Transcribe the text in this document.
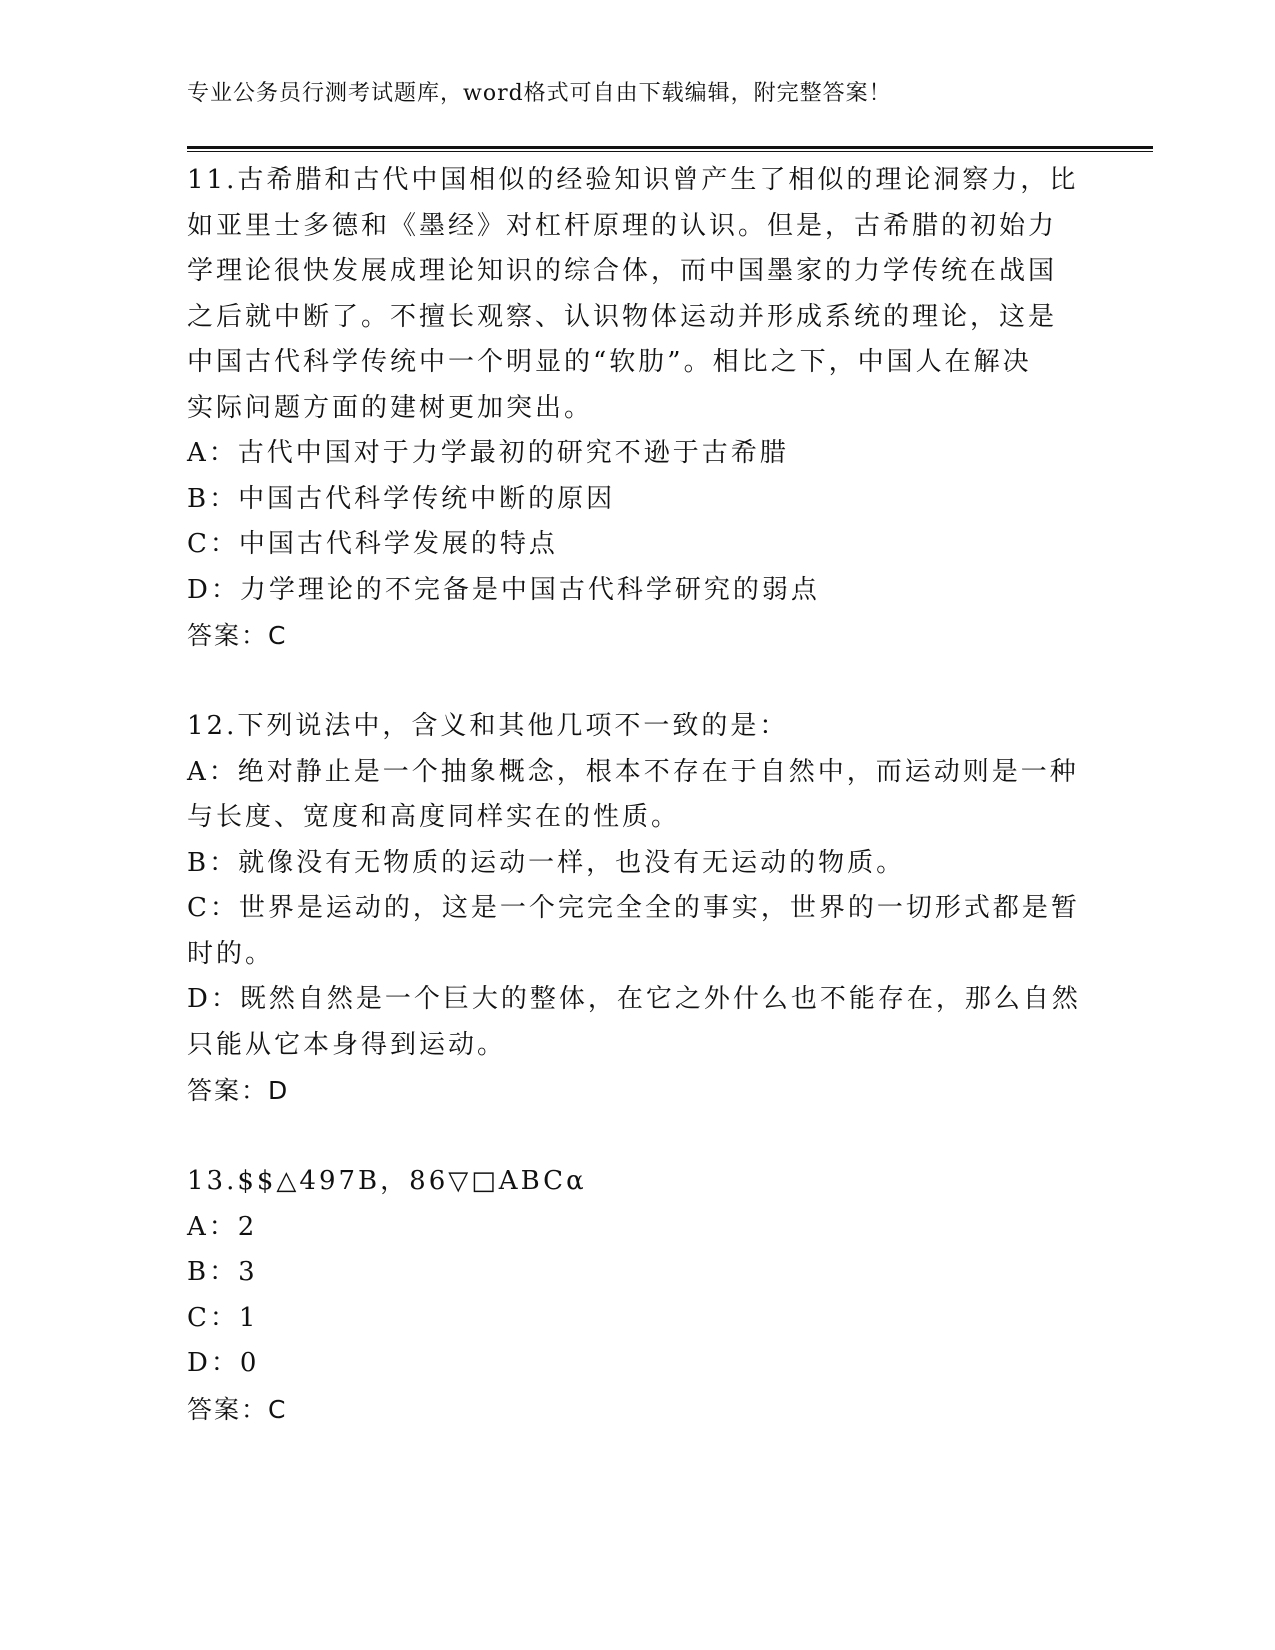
专业公务员行测考试题库，word格式可自由下载编辑，附完整答案！
11.古希腊和古代中国相似的经验知识曾产生了相似的理论洞察力，比
如亚里士多德和《墨经》对杠杆原理的认识。但是，古希腊的初始力
学理论很快发展成理论知识的综合体，而中国墨家的力学传统在战国
之后就中断了。不擅长观察、认识物体运动并形成系统的理论，这是
中国古代科学传统中一个明显的“软肋”。相比之下，中国人在解决
实际问题方面的建树更加突出。
A：古代中国对于力学最初的研究不逊于古希腊
B：中国古代科学传统中断的原因
C：中国古代科学发展的特点
D：力学理论的不完备是中国古代科学研究的弱点
答案：C
12.下列说法中，含义和其他几项不一致的是：
A：绝对静止是一个抽象概念，根本不存在于自然中，而运动则是一种
与长度、宽度和高度同样实在的性质。
B：就像没有无物质的运动一样，也没有无运动的物质。
C：世界是运动的，这是一个完完全全的事实，世界的一切形式都是暂
时的。
D：既然自然是一个巨大的整体，在它之外什么也不能存在，那么自然
只能从它本身得到运动。
答案：D
13.$$△497B，86▽□ABCα
A：2
B：3
C：1
D：0
答案：C
